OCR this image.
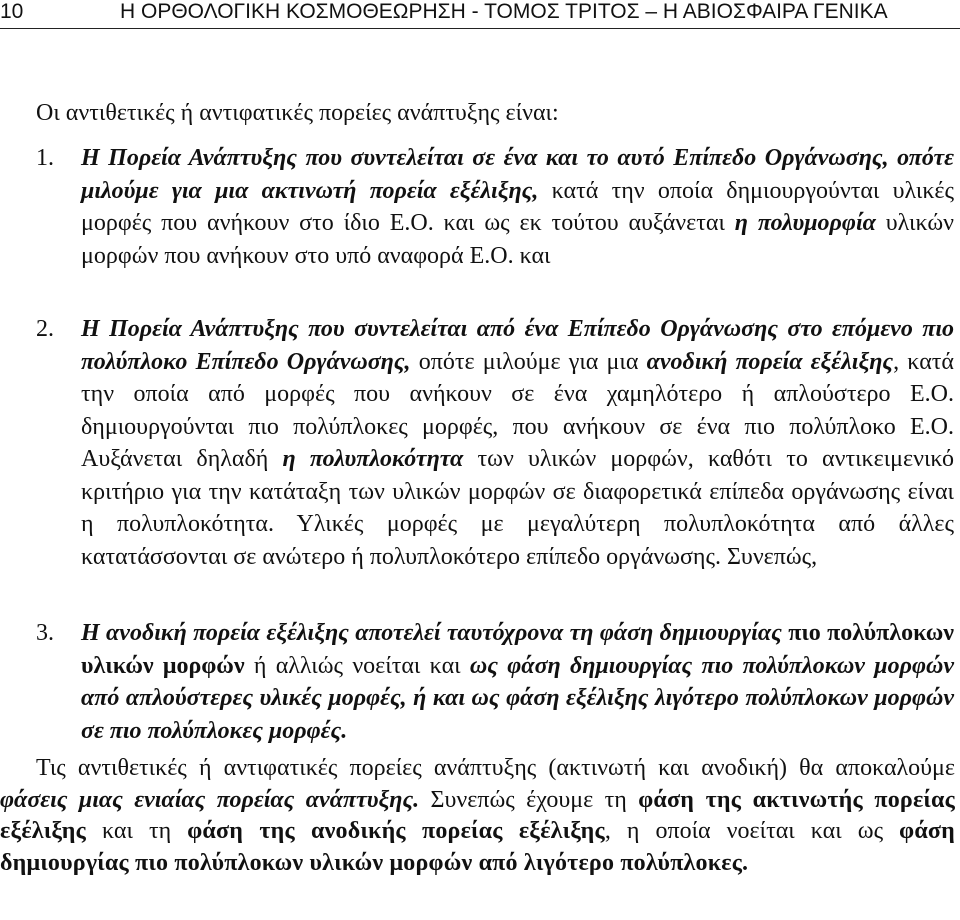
10	Η ΟΡΘΟΛΟΓΙΚΗ ΚΟΣΜΟΘΕΩΡΗΣΗ - ΤΟΜΟΣ ΤΡΙΤΟΣ – Η ΑΒΙΟΣΦΑΙΡΑ ΓΕΝΙΚΑ
Οι αντιθετικές ή αντιφατικές πορείες ανάπτυξης είναι:
1.	Η Πορεία Ανάπτυξης που συντελείται σε ένα και το αυτό Επίπεδο Οργάνωσης, οπότε μιλούμε για μια ακτινωτή πορεία εξέλιξης, κατά την οποία δημιουργούνται υλικές μορφές που ανήκουν στο ίδιο Ε.Ο. και ως εκ τούτου αυξάνεται η πολυμορφία υλικών μορφών που ανήκουν στο υπό αναφορά Ε.Ο. και
2.	Η Πορεία Ανάπτυξης που συντελείται από ένα Επίπεδο Οργάνωσης στο επόμενο πιο πολύπλοκο Επίπεδο Οργάνωσης, οπότε μιλούμε για μια ανοδική πορεία εξέλιξης, κατά την οποία από μορφές που ανήκουν σε ένα χαμηλότερο ή απλούστερο Ε.Ο. δημιουργούνται πιο πολύπλοκες μορφές, που ανήκουν σε ένα πιο πολύπλοκο Ε.Ο. Αυξάνεται δηλαδή η πολυπλοκότητα των υλικών μορφών, καθότι το αντικειμενικό κριτήριο για την κατάταξη των υλικών μορφών σε διαφορετικά επίπεδα οργάνωσης είναι η πολυπλοκότητα. Υλικές μορφές με μεγαλύτερη πολυπλοκότητα από άλλες κατατάσσονται σε ανώτερο ή πολυπλοκότερο επίπεδο οργάνωσης. Συνεπώς,
3.	Η ανοδική πορεία εξέλιξης αποτελεί ταυτόχρονα τη φάση δημιουργίας πιο πολύπλοκων υλικών μορφών ή αλλιώς νοείται και ως φάση δημιουργίας πιο πολύπλοκων μορφών από απλούστερες υλικές μορφές, ή και ως φάση εξέλιξης λιγότερο πολύπλοκων μορφών σε πιο πολύπλοκες μορφές.
Τις αντιθετικές ή αντιφατικές πορείες ανάπτυξης (ακτινωτή και ανοδική) θα αποκαλούμε φάσεις μιας ενιαίας πορείας ανάπτυξης. Συνεπώς έχουμε τη φάση της ακτινωτής πορείας εξέλιξης και τη φάση της ανοδικής πορείας εξέλιξης, η οποία νοείται και ως φάση δημιουργίας πιο πολύπλοκων υλικών μορφών από λιγότερο πολύπλοκες.
